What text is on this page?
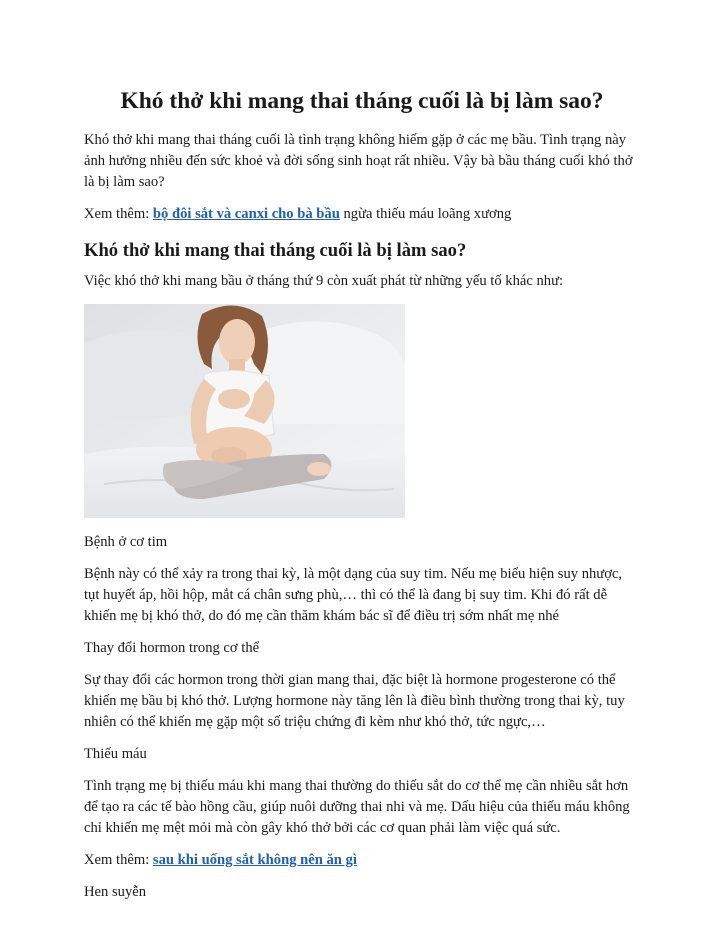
Khó thở khi mang thai tháng cuối là bị làm sao?

Khó thở khi mang thai tháng cuối là tình trạng không hiếm gặp ở các mẹ bầu. Tình trạng này ảnh hưởng nhiều đến sức khoẻ và đời sống sinh hoạt rất nhiều. Vậy bà bầu tháng cuối khó thở là bị làm sao?

Xem thêm: bộ đôi sắt và canxi cho bà bầu ngừa thiếu máu loãng xương

Khó thở khi mang thai tháng cuối là bị làm sao?

Việc khó thở khi mang bầu ở tháng thứ 9 còn xuất phát từ những yếu tố khác như:

Bệnh ở cơ tim

Bệnh này có thể xảy ra trong thai kỳ, là một dạng của suy tim. Nếu mẹ biểu hiện suy nhược, tụt huyết áp, hồi hộp, mắt cá chân sưng phù,… thì có thể là đang bị suy tim. Khi đó rất dễ khiến mẹ bị khó thở, do đó mẹ cần thăm khám bác sĩ để điều trị sớm nhất mẹ nhé

Thay đổi hormon trong cơ thể

Sự thay đổi các hormon trong thời gian mang thai, đặc biệt là hormone progesterone có thể khiến mẹ bầu bị khó thở. Lượng hormone này tăng lên là điều bình thường trong thai kỳ, tuy nhiên có thể khiến mẹ gặp một số triệu chứng đi kèm như khó thở, tức ngực,…

Thiếu máu

Tình trạng mẹ bị thiếu máu khi mang thai thường do thiếu sắt do cơ thể mẹ cần nhiều sắt hơn để tạo ra các tế bào hồng cầu, giúp nuôi dưỡng thai nhi và mẹ. Dấu hiệu của thiếu máu không chỉ khiến mẹ mệt mỏi mà còn gây khó thở bởi các cơ quan phải làm việc quá sức.

Xem thêm: sau khi uống sắt không nên ăn gì

Hen suyễn
